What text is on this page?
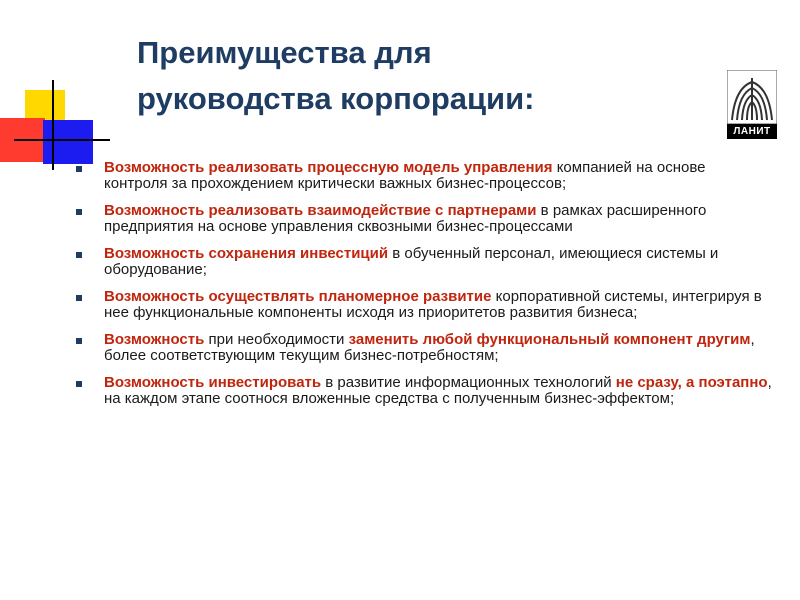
Преимущества для
руководства корпорации:
ЛАНИТ
Возможность реализовать процессную модель управления компанией на основе контроля за прохождением критически важных бизнес-процессов;
Возможность реализовать взаимодействие с партнерами в рамках расширенного предприятия на основе управления сквозными бизнес-процессами
Возможность сохранения инвестиций в обученный персонал, имеющиеся системы и оборудование;
Возможность осуществлять планомерное развитие корпоративной системы, интегрируя в нее функциональные компоненты исходя из приоритетов развития бизнеса;
Возможность при необходимости заменить любой функциональный компонент другим, более соответствующим текущим бизнес-потребностям;
Возможность инвестировать в развитие информационных технологий не сразу, а поэтапно, на каждом этапе соотнося вложенные средства с полученным бизнес-эффектом;
